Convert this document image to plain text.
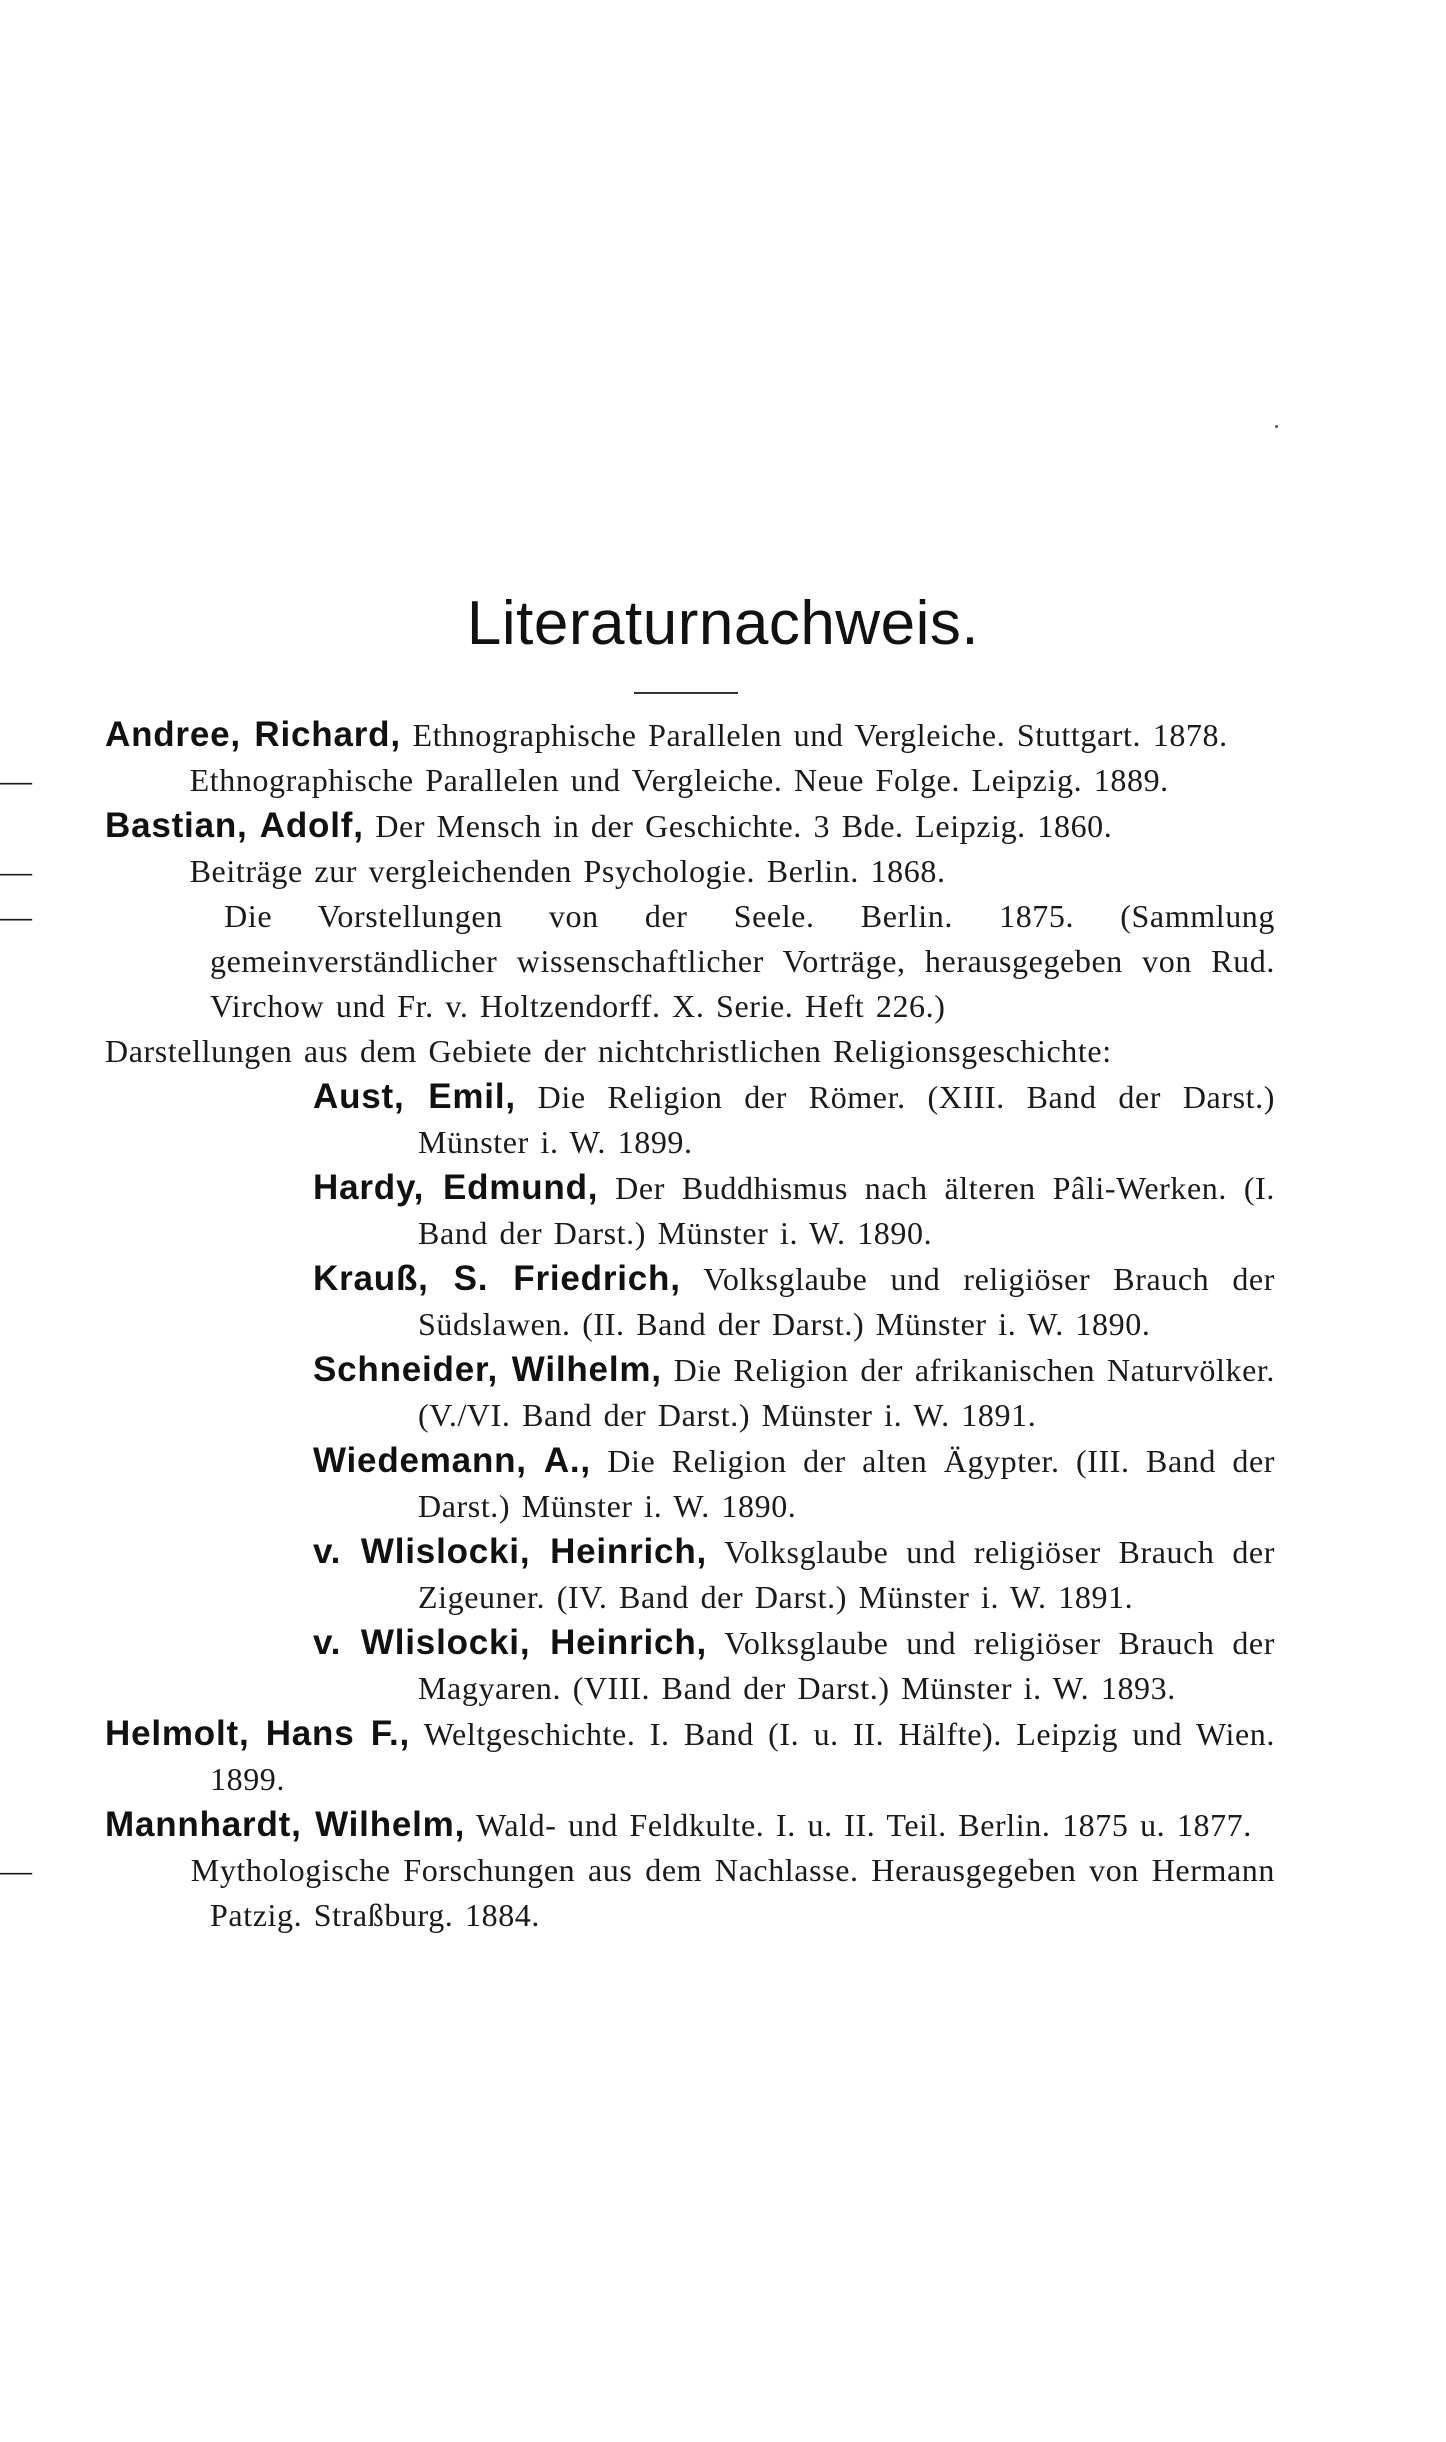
Literaturnachweis.

Andree, Richard, Ethnographische Parallelen und Vergleiche. Stuttgart. 1878.

—	Ethnographische Parallelen und Vergleiche. Neue Folge. Leipzig. 1889.

Bastian, Adolf, Der Mensch in der Geschichte. 3 Bde. Leipzig. 1860.

—	Beiträge zur vergleichenden Psychologie. Berlin. 1868.

—	Die Vorstellungen von der Seele. Berlin. 1875. (Sammlung gemeinverständlicher wissenschaftlicher Vorträge, herausgegeben von Rud. Virchow und Fr. v. Holtzendorff. X. Serie. Heft 226.)

Darstellungen aus dem Gebiete der nichtchristlichen Religionsgeschichte:

Aust, Emil, Die Religion der Römer. (XIII. Band der Darst.) Münster i. W. 1899.

Hardy, Edmund, Der Buddhismus nach älteren Pâli-Werken. (I. Band der Darst.) Münster i. W. 1890.

Krauß, S. Friedrich, Volksglaube und religiöser Brauch der Südslawen. (II. Band der Darst.) Münster i. W. 1890.

Schneider, Wilhelm, Die Religion der afrikanischen Naturvölker. (V./VI. Band der Darst.) Münster i. W. 1891.

Wiedemann, A., Die Religion der alten Ägypter. (III. Band der Darst.) Münster i. W. 1890.

v. Wlislocki, Heinrich, Volksglaube und religiöser Brauch der Zigeuner. (IV. Band der Darst.) Münster i. W. 1891.

v. Wlislocki, Heinrich, Volksglaube und religiöser Brauch der Magyaren. (VIII. Band der Darst.) Münster i. W. 1893.

Helmolt, Hans F., Weltgeschichte. I. Band (I. u. II. Hälfte). Leipzig und Wien. 1899.

Mannhardt, Wilhelm, Wald- und Feldkulte. I. u. II. Teil. Berlin. 1875 u. 1877.

—	Mythologische Forschungen aus dem Nachlasse. Herausgegeben von Hermann Patzig. Straßburg. 1884.
